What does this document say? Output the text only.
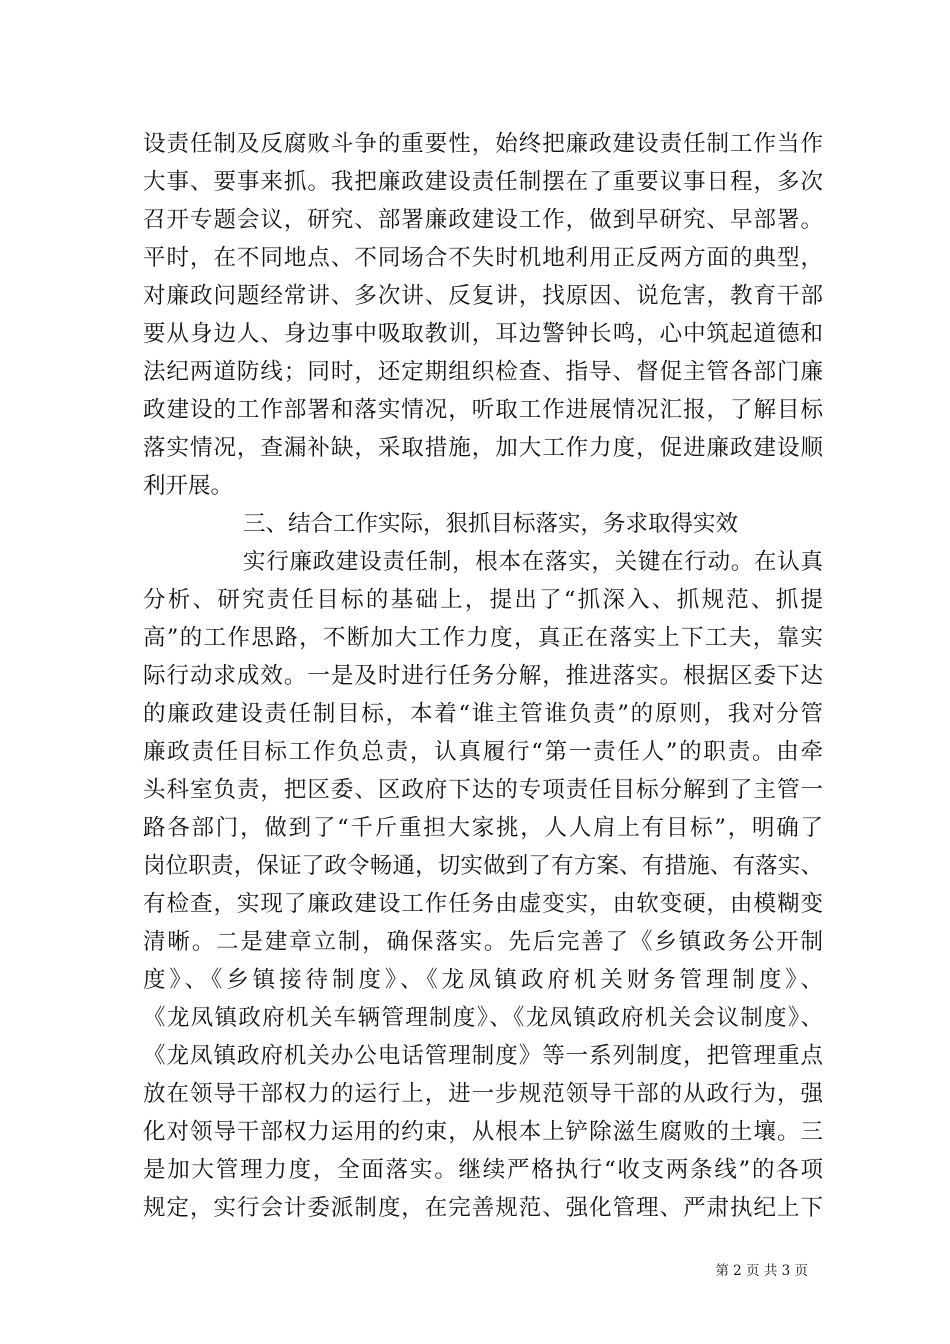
设责任制及反腐败斗争的重要性，始终把廉政建设责任制工作当作
大事、要事来抓。我把廉政建设责任制摆在了重要议事日程，多次
召开专题会议，研究、部署廉政建设工作，做到早研究、早部署。
平时，在不同地点、不同场合不失时机地利用正反两方面的典型，
对廉政问题经常讲、多次讲、反复讲，找原因、说危害，教育干部
要从身边人、身边事中吸取教训，耳边警钟长鸣，心中筑起道德和
法纪两道防线；同时，还定期组织检查、指导、督促主管各部门廉
政建设的工作部署和落实情况，听取工作进展情况汇报，了解目标
落实情况，查漏补缺，采取措施，加大工作力度，促进廉政建设顺
利开展。
三、结合工作实际，狠抓目标落实，务求取得实效
实行廉政建设责任制，根本在落实，关键在行动。在认真
分析、研究责任目标的基础上，提出了“抓深入、抓规范、抓提
高”的工作思路，不断加大工作力度，真正在落实上下工夫，靠实
际行动求成效。一是及时进行任务分解，推进落实。根据区委下达
的廉政建设责任制目标，本着“谁主管谁负责”的原则，我对分管
廉政责任目标工作负总责，认真履行“第一责任人”的职责。由牵
头科室负责，把区委、区政府下达的专项责任目标分解到了主管一
路各部门，做到了“千斤重担大家挑，人人肩上有目标”，明确了
岗位职责，保证了政令畅通，切实做到了有方案、有措施、有落实、
有检查，实现了廉政建设工作任务由虚变实，由软变硬，由模糊变
清晰。二是建章立制，确保落实。先后完善了《乡镇政务公开制
度》、《乡镇接待制度》、《龙凤镇政府机关财务管理制度》、
《龙凤镇政府机关车辆管理制度》、《龙凤镇政府机关会议制度》、
《龙凤镇政府机关办公电话管理制度》等一系列制度，把管理重点
放在领导干部权力的运行上，进一步规范领导干部的从政行为，强
化对领导干部权力运用的约束，从根本上铲除滋生腐败的土壤。三
是加大管理力度，全面落实。继续严格执行“收支两条线”的各项
规定，实行会计委派制度，在完善规范、强化管理、严肃执纪上下
第 2 页 共 3 页
